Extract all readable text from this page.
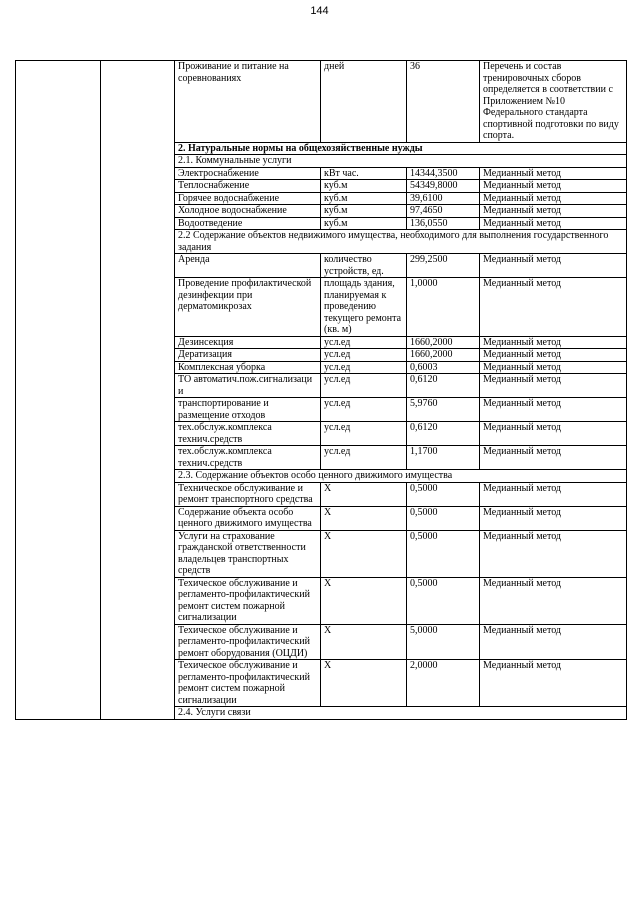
144
		Проживание и питание на соревнованиях	дней	36	Перечень и состав тренировочных сборов определяется в соответствии с Приложением №10 Федерального стандарта спортивной подготовки по виду спорта.
		2. Натуральные нормы на общехозяйственные нужды			
		2.1. Коммунальные услуги			
		Электроснабжение	кВт час.	14344,3500	Медианный метод
		Теплоснабжение	куб.м	54349,8000	Медианный метод
		Горячее водоснабжение	куб.м	39,6100	Медианный метод
		Холодное водоснабжение	куб.м	97,4650	Медианный метод
		Водоотведение	куб.м	136,0550	Медианный метод
		2.2 Содержание объектов недвижимого имущества, необходимого для выполнения государственного задания			
		Аренда	количество устройств, ед.	299,2500	Медианный метод
		Проведение профилактической дезинфекции при дерматомикрозах	площадь здания, планируемая к проведению текущего ремонта (кв. м)	1,0000	Медианный метод
		Дезинсекция	усл.ед	1660,2000	Медианный метод
		Дератизация	усл.ед	1660,2000	Медианный метод
		Комплексная уборка	усл.ед	0,6003	Медианный метод
		ТО автоматич.пож.сигнализаци и	усл.ед	0,6120	Медианный метод
		транспортирование и размещение отходов	усл.ед	5,9760	Медианный метод
		тех.обслуж.комплекса технич.средств	усл.ед	0,6120	Медианный метод
		тех.обслуж.комплекса технич.средств	усл.ед	1,1700	Медианный метод
		2.3. Содержание объектов особо ценного движимого имущества			
		Техническое обслуживание и ремонт транспортного средства	Х	0,5000	Медианный метод
		Содержание объекта особо ценного движимого имущества	Х	0,5000	Медианный метод
		Услуги на страхование гражданской ответственности владельцев транспортных средств	Х	0,5000	Медианный метод
		Техическое обслуживание и регламенто-профилактический ремонт систем пожарной сигнализации	Х	0,5000	Медианный метод
		Техическое обслуживание и регламенто-профилактический ремонт оборудования (ОЦДИ)	Х	5,0000	Медианный метод
		Техическое обслуживание и регламенто-профилактический ремонт систем пожарной сигнализации	Х	2,0000	Медианный метод
		2.4. Услуги связи			
